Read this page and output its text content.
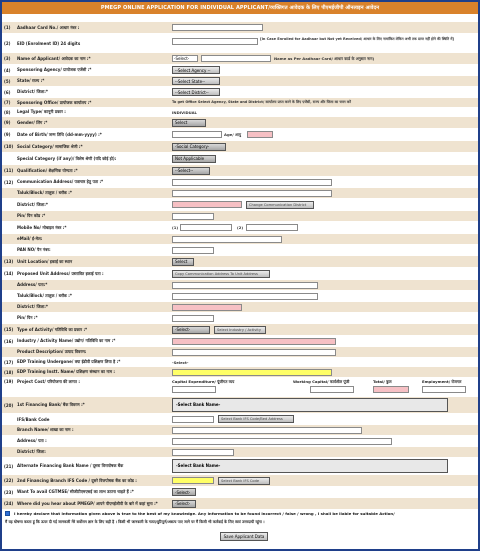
PMEGP ONLINE APPLICATION FOR INDIVIDUAL APPLICANT/व्यक्तिगत आवेदक के लिए पीएमईजीपी ऑनलाइन आवेदन
(1) Aadhaar Card No./ आधार नंबर :
(2) EID (Enrolment ID) 24 digits
[In Case Enrolled for Aadhaar but Not yet Received/ आधार के लिए नामांकित लेकिन अभी तक प्राप्त नहीं होने की स्थिति में]
(3) Name of Applicant/ आवेदक का नाम :*	-Select-	Name as Per Aadhaar Card/ आधार कार्ड के अनुसार नाम)
(4) Sponsoring Agency/ प्रायोजक एजेंसी :*	--Select Agency --
(5) State/ राज्य :*	--Select State--
(6) District/ जिला:*	--Select District--
(7) Sponsoring Office/ प्रायोजक कार्यालय :*	To get Office Select Agency, State and District/ कार्यालय प्राप्त करने के लिए एजेंसी, राज्य और जिला का चयन करें
(8) Legal Type/ कानूनी प्रकार :	INDIVIDUAL
(9) Gender/ लिंग :*	Select
(9) Date of Birth/ जन्म तिथि (dd-mm-yyyy) :*	Age/ आयु
(10) Social Category/ सामाजिक श्रेणी :*	-Social Category-
Special Category (if any)/ विशेष श्रेणी (यदि कोई हो):	Not Applicable
(11) Qualification/ शैक्षणिक योग्यता :*	--Select--
(12) Communication Address/ पत्राचार हेतु पता :*
Taluk/Block/ तालुक / ब्लॉक :*
District/ जिला:*	Change Communication District
Pin/ पिन कोड :*
Mobile No/ मोबाइल नंबर :*	(1)	(2)
eMail/ ई-मेल:
PAN NO/ पैन नंबर:
(13) Unit Location/ इकाई का स्थान	Select
(14) Proposed Unit Address/ प्रस्तावित इकाई पता :	Copy Communication Address To Unit Address
Address/ पता:*
Taluk/Block/ तालुक / ब्लॉक :*
District/ जिला:*
Pin/ पिन :*
(15) Type of Activity/ गतिविधि का प्रकार :*	-Select-	Select Industry / Activity
(16) Industry / Activity Name/ उद्योग/ गतिविधि का नाम :*
Product Description/ उत्पाद विवरण:
(17) EDP Training Undergone/ क्या ईडीपी प्रशिक्षण लिया है :*	-Select-
(18) EDP Training Instt. Name/ प्रशिक्षण संस्थान का नाम :
(19) Project Cost/ परियोजना की लागत :	Capital Expenditure/ पूंजीगत व्यय	Working Capital/ कार्यशील पूंजी	Total/ कुल	Employment/ रोजगार
(20) 1st Financing Bank/ बैंक विवरण :*	-Select Bank Name-
IFS/Bank Code	Select Bank IFS Code/Bed Address
Branch Name/ शाखा का नाम :
Address/ पता :
District/ जिला:
(21) Alternate Financing Bank Name / दूसरा वित्तपोषक बैंक	-Select Bank Name-
(22) 2nd Financing Branch IFS Code / दूसरे वित्तपोषक बैंक का कोड :	Select Bank IFS Code
(23) Want To avail CGTMSE/ सीजीटीएमएसई का लाभ उठाना चाहते हैं :*	-Select-
(24) Where did you hear about PMEGP/ आपने पीएमईजीपी के बारे में कहां सुना :*	-Select-
I hereby declare that information given above is true to the best of my knowledge. Any information to be found incorrect / false / wrong , I shall be liable for suitable Action/
मैं यह घोषणा करता हूं कि ऊपर दी गई जानकारी मेरे सर्वोत्तम ज्ञान के लिए सही है । किसी भी जानकारी के गलत/त्रुटिपूर्ण/असत्य पाए जाने पर मैं किसी भी कार्रवाई के लिए स्वयं उत्तरदायी रहूंगा ।
Save Applicant Data
